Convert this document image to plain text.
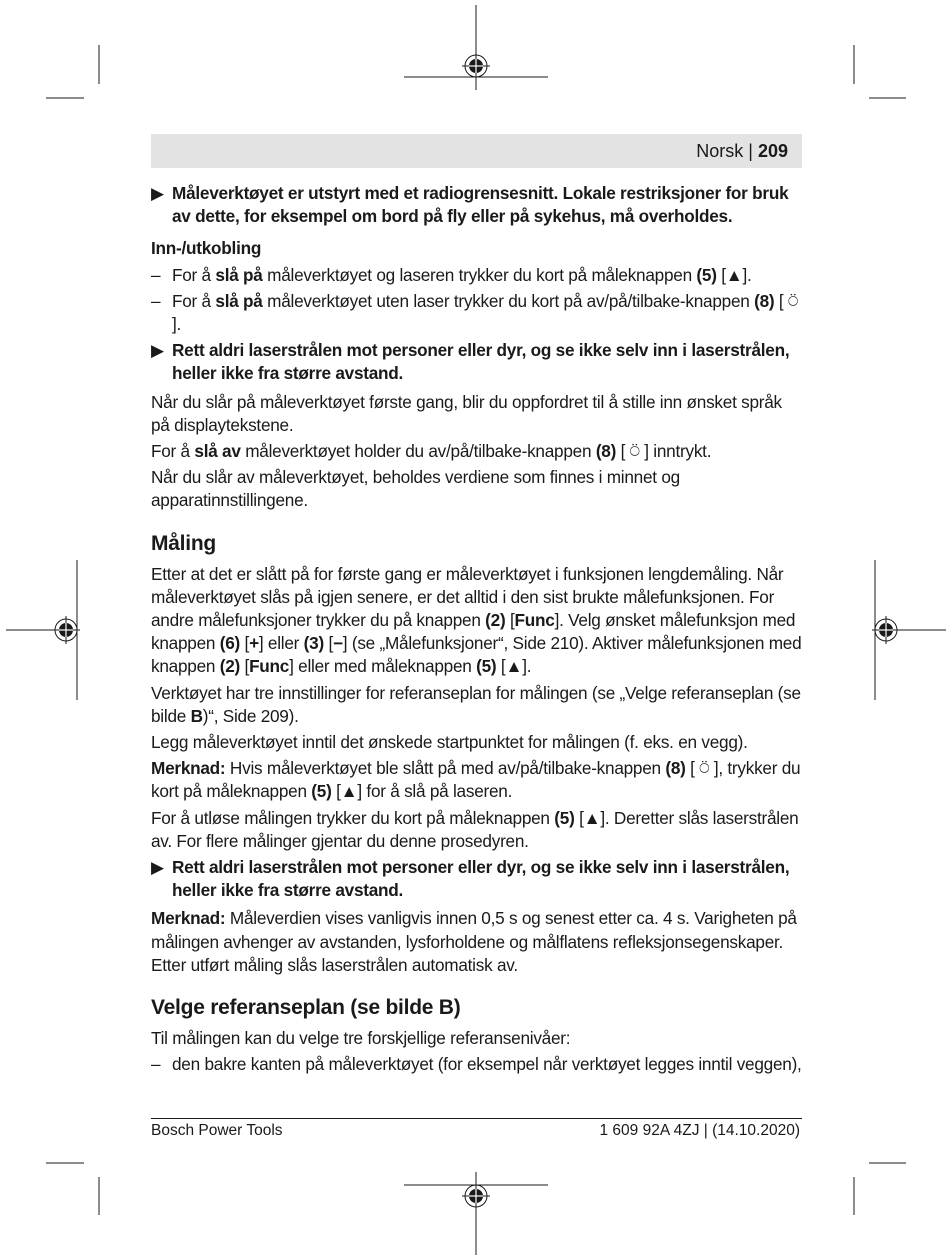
Norsk | 209
▶ Måleverktøyet er utstyrt med et radiogrensesnitt. Lokale restriksjoner for bruk av dette, for eksempel om bord på fly eller på sykehus, må overholdes.
Inn-/utkobling
– For å slå på måleverktøyet og laseren trykker du kort på måleknappen (5) [▲].
– For å slå på måleverktøyet uten laser trykker du kort på av/på/tilbake-knappen (8) [ ⍥ ].
▶ Rett aldri laserstrålen mot personer eller dyr, og se ikke selv inn i laserstrålen, heller ikke fra større avstand.

Når du slår på måleverktøyet første gang, blir du oppfordret til å stille inn ønsket språk på displaytekstene.

For å slå av måleverktøyet holder du av/på/tilbake-knappen (8) [ ⍥ ] inntrykt.

Når du slår av måleverktøyet, beholdes verdiene som finnes i minnet og apparatinnstillingene.

Måling

Etter at det er slått på for første gang er måleverktøyet i funksjonen lengdemåling. Når måleverktøyet slås på igjen senere, er det alltid i den sist brukte målefunksjonen. For andre målefunksjoner trykker du på knappen (2) [Func]. Velg ønsket målefunksjon med knappen (6) [+] eller (3) [−] (se „Målefunksjoner“, Side 210). Aktiver målefunksjonen med knappen (2) [Func] eller med måleknappen (5) [▲].

Verktøyet har tre innstillinger for referanseplan for målingen (se „Velge referanseplan (se bilde B)“, Side 209).

Legg måleverktøyet inntil det ønskede startpunktet for målingen (f. eks. en vegg).

Merknad: Hvis måleverktøyet ble slått på med av/på/tilbake-knappen (8) [ ⍥ ], trykker du kort på måleknappen (5) [▲] for å slå på laseren.

For å utløse målingen trykker du kort på måleknappen (5) [▲]. Deretter slås laserstrålen av. For flere målinger gjentar du denne prosedyren.

▶ Rett aldri laserstrålen mot personer eller dyr, og se ikke selv inn i laserstrålen, heller ikke fra større avstand.

Merknad: Måleverdien vises vanligvis innen 0,5 s og senest etter ca. 4 s. Varigheten på målingen avhenger av avstanden, lysforholdene og målflatens refleksjonsegenskaper. Etter utført måling slås laserstrålen automatisk av.

Velge referanseplan (se bilde B)

Til målingen kan du velge tre forskjellige referansenivåer:

– den bakre kanten på måleverktøyet (for eksempel når verktøyet legges inntil veggen),
Bosch Power Tools	1 609 92A 4ZJ | (14.10.2020)
